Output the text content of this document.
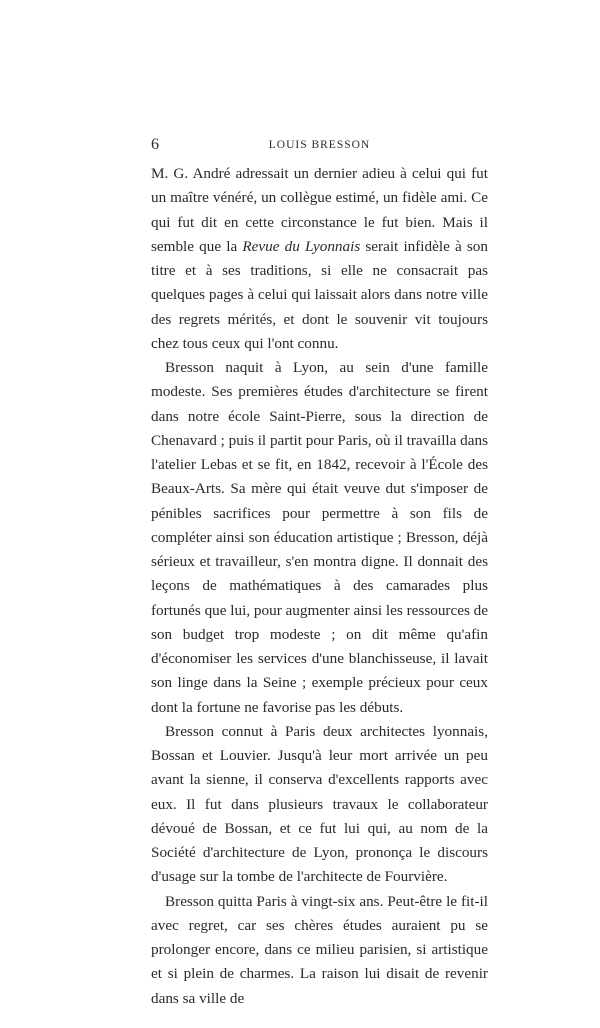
6	LOUIS BRESSON

M. G. André adressait un dernier adieu à celui qui fut un maître vénéré, un collègue estimé, un fidèle ami. Ce qui fut dit en cette circonstance le fut bien. Mais il semble que la Revue du Lyonnais serait infidèle à son titre et à ses traditions, si elle ne consacrait pas quelques pages à celui qui laissait alors dans notre ville des regrets mérités, et dont le souvenir vit toujours chez tous ceux qui l'ont connu.

Bresson naquit à Lyon, au sein d'une famille modeste. Ses premières études d'architecture se firent dans notre école Saint-Pierre, sous la direction de Chenavard ; puis il partit pour Paris, où il travailla dans l'atelier Lebas et se fit, en 1842, recevoir à l'École des Beaux-Arts. Sa mère qui était veuve dut s'imposer de pénibles sacrifices pour permettre à son fils de compléter ainsi son éducation artistique ; Bresson, déjà sérieux et travailleur, s'en montra digne. Il donnait des leçons de mathématiques à des camarades plus fortunés que lui, pour augmenter ainsi les ressources de son budget trop modeste ; on dit même qu'afin d'économiser les services d'une blanchisseuse, il lavait son linge dans la Seine ; exemple précieux pour ceux dont la fortune ne favorise pas les débuts.

Bresson connut à Paris deux architectes lyonnais, Bossan et Louvier. Jusqu'à leur mort arrivée un peu avant la sienne, il conserva d'excellents rapports avec eux. Il fut dans plusieurs travaux le collaborateur dévoué de Bossan, et ce fut lui qui, au nom de la Société d'architecture de Lyon, prononça le discours d'usage sur la tombe de l'architecte de Fourvière.

Bresson quitta Paris à vingt-six ans. Peut-être le fit-il avec regret, car ses chères études auraient pu se prolonger encore, dans ce milieu parisien, si artistique et si plein de charmes. La raison lui disait de revenir dans sa ville de
